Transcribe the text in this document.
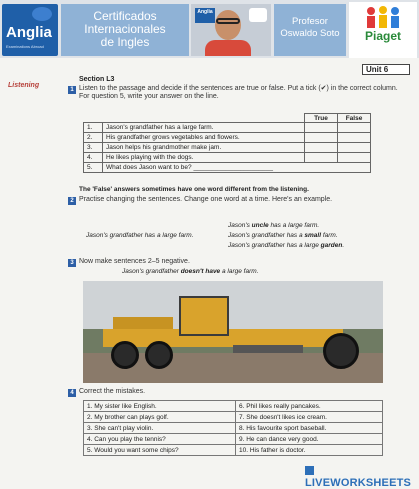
Anglia
Examinations Abroad
Certificados
Internacionales
de Ingles
Anglia
Profesor
Oswaldo Soto	Piaget
Unit 6
Listening
Section L3
1 Listen to the passage and decide if the sentences are true or false. Put a tick (✔) in the correct column. For question 5, write your answer on the line.
		True	False
1.	Jason's grandfather has a large farm.		
2.	His grandfather grows vegetables and flowers.		
3.	Jason helps his grandmother make jam.		
4.	He likes playing with the dogs.		
5.	What does Jason want to be? ______________________		
The 'False' answers sometimes have one word different from the listening.
2 Practise changing the sentences. Change one word at a time. Here's an example.
Jason's grandfather has a large farm.
Jason's uncle has a large farm.
Jason's grandfather has a small farm.
Jason's grandfather has a large garden.
3 Now make sentences 2–5 negative.
Jason's grandfather doesn't have a large farm.
4 Correct the mistakes.
1. My sister like English.	6. Phil likes really pancakes.
2. My brother can plays golf.	7. She doesn't likes ice cream.
3. She can't play violin.	8. His favourite sport baseball.
4. Can you play the tennis?	9. He can dance very good.
5. Would you want some chips?	10. His father is doctor.
LIVEWORKSHEETS
